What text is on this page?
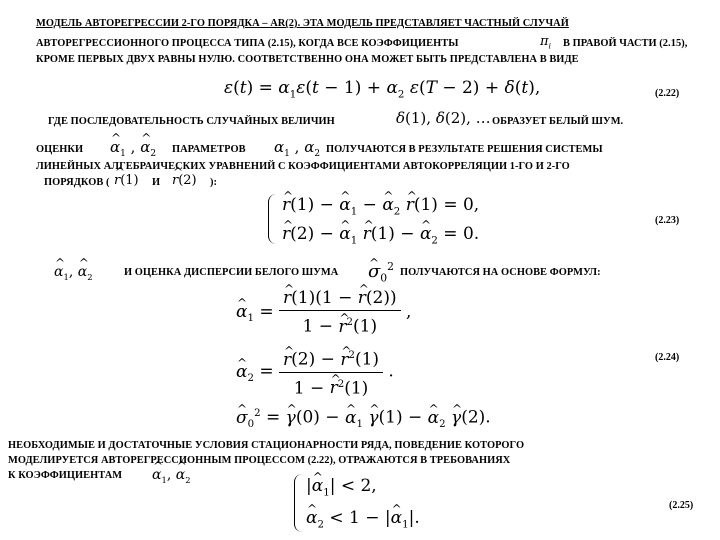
МОДЕЛЬ АВТОРЕГРЕССИИ 2-ГО ПОРЯДКА – AR(2). ЭТА МОДЕЛЬ ПРЕДСТАВЛЯЕТ ЧАСТНЫЙ СЛУЧАЙ
АВТОРЕГРЕССИОННОГО ПРОЦЕССА ТИПА (2.15), КОГДА ВСЕ КОЭФФИЦИЕНТЫ	$\pi_i$ В ПРАВОЙ ЧАСТИ (2.15),
КРОМЕ ПЕРВЫХ ДВУХ РАВНЫ НУЛЮ. СООТВЕТСТВЕННО ОНА МОЖЕТ БЫТЬ ПРЕДСТАВЛЕНА В ВИДЕ
$\varepsilon(t) = \alpha_1\varepsilon(t - 1) + \alpha_2$ ε(T − 2) + δ(t),	(2.22)
ГДЕ ПОСЛЕДОВАТЕЛЬНОСТЬ СЛУЧАЙНЫХ ВЕЛИЧИН	δ(1), δ(2), … ОБРАЗУЕТ БЕЛЫЙ ШУМ.
ОЦЕНКИ ^ $\alpha_1$ , ^ $\alpha_2$ ПАРАМЕТРОВ $\alpha_1$ , $\alpha_2$ ПОЛУЧАЮТСЯ В РЕЗУЛЬТАТЕ РЕШЕНИЯ СИСТЕМЫ
ЛИНЕЙНЫХ АЛГЕБРАИЧЕСКИХ УРАВНЕНИЙ С КОЭФФИЦИЕНТАМИ АВТОКОРРЕЛЯЦИИ 1-ГО И 2-ГО
ПОРЯДКОВ ( ^ r(1) И ^ r(2) ):
^ r(1) − ^ $\alpha_1$ − ^ $\alpha_2$ ^ r(1) = 0,
^ r(2) − ^ $\alpha_1$ ^ r(1) − ^ $\alpha_2 = 0$.
(2.23)
^ $\alpha_1$, ^ $\alpha_2$	И ОЦЕНКА ДИСПЕРСИИ БЕЛОГО ШУМА ^ $\sigma_0^2$ ПОЛУЧАЮТСЯ НА ОСНОВЕ ФОРМУЛ:
^ $\alpha_1$ = ^ $\frac{r(1)(1 - \^{} r(2))}{1 - \^{} r^2(1)}$ ,
^ $\alpha_2$ = ^ $\frac{r(2) - \^{} r^2(1)}{1 - \^{} r^2(1)}$ .
(2.24)
^ $\sigma_0^2$ = ^ γ(0) − ^ $\alpha_1$ ^ γ(1) − ^ $\alpha_2$ ^ γ(2).
НЕОБХОДИМЫЕ И ДОСТАТОЧНЫЕ УСЛОВИЯ СТАЦИОНАРНОСТИ РЯДА, ПОВЕДЕНИЕ КОТОРОГО
МОДЕЛИРУЕТСЯ АВТОРЕГРЕССИОННЫМ ПРОЦЕССОМ (2.22), ОТРАЖАЮТСЯ В ТРЕБОВАНИЯХ
К КОЭФФИЦИЕНТАМ ^ $\alpha_1$, ^ $\alpha_2$	|^ $\alpha_1| < 2$,
^ $\alpha_2 < 1$ − |^ $\alpha_1|$.
(2.25)
